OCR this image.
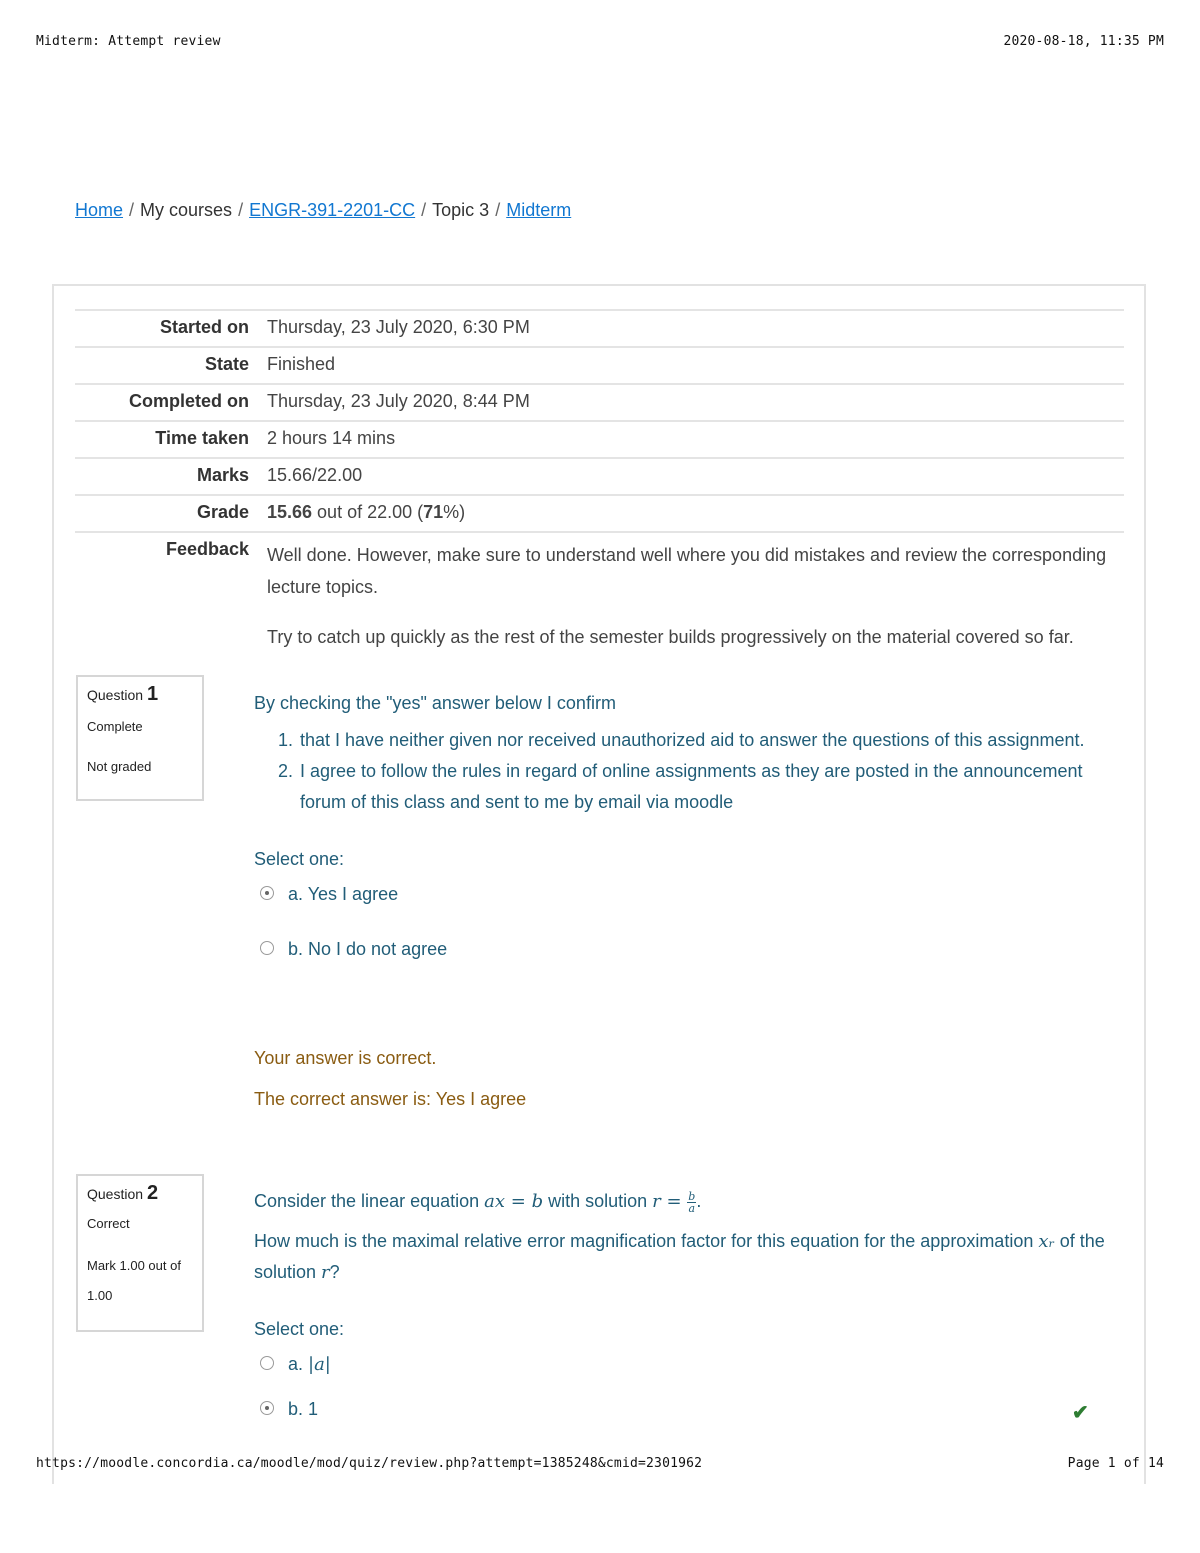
Midterm: Attempt review	2020-08-18, 11:35 PM
Home / My courses / ENGR-391-2201-CC / Topic 3 / Midterm
Started on	Thursday, 23 July 2020, 6:30 PM
State	Finished
Completed on	Thursday, 23 July 2020, 8:44 PM
Time taken	2 hours 14 mins
Marks	15.66/22.00
Grade	15.66 out of 22.00 (71%)
Feedback	Well done. However, make sure to understand well where you did mistakes and review the corresponding lecture topics.

Try to catch up quickly as the rest of the semester builds progressively on the material covered so far.

Question 1
Complete
Not graded
By checking the "yes" answer below I confirm
1. that I have neither given nor received unauthorized aid to answer the questions of this assignment.
2. I agree to follow the rules in regard of online assignments as they are posted in the announcement forum of this class and sent to me by email via moodle
Select one:
a. Yes I agree
b. No I do not agree
Your answer is correct.
The correct answer is: Yes I agree
Question 2
Correct
Mark 1.00 out of 1.00
Consider the linear equation ax = b with solution $r = \frac{b}{a}$.
How much is the maximal relative error magnification factor for this equation for the approximation xᵣ of the solution r?
Select one:
a. |a|
b. 1	✔
https://moodle.concordia.ca/moodle/mod/quiz/review.php?attempt=1385248&cmid=2301962	Page 1 of 14
